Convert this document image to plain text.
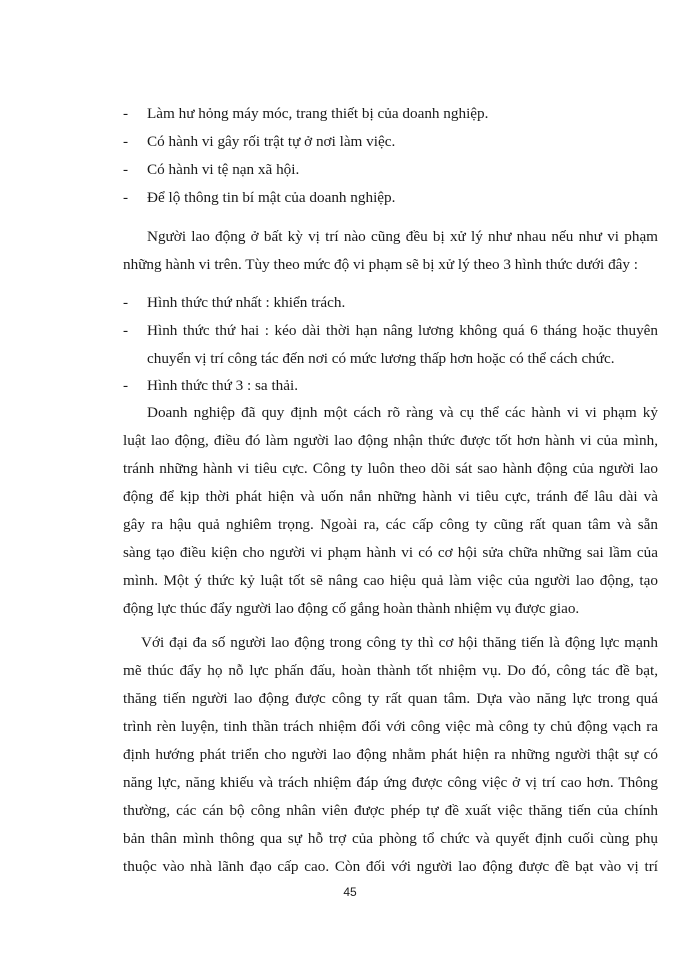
- Làm hư hỏng máy móc, trang thiết bị của doanh nghiệp.
- Có hành vi gây rối trật tự ở nơi làm việc.
- Có hành vi tệ nạn xã hội.
- Để lộ thông tin bí mật của doanh nghiệp.
Người lao động ở bất kỳ vị trí nào cũng đều bị xử lý như nhau nếu như vi phạm
những hành vi trên. Tùy theo mức độ vi phạm sẽ bị xử lý theo 3 hình thức dưới đây :
- Hình thức thứ nhất : khiển trách.
- Hình thức thứ hai : kéo dài thời hạn nâng lương không quá 6 tháng hoặc thuyên
chuyển vị trí công tác đến nơi có mức lương thấp hơn hoặc có thể cách chức.
- Hình thức thứ 3 : sa thải.
Doanh nghiệp đã quy định một cách rõ ràng và cụ thể các hành vi vi phạm kỷ
luật lao động, điều đó làm người lao động nhận thức được tốt hơn hành vi của mình,
tránh những hành vi tiêu cực. Công ty luôn theo dõi sát sao hành động của người lao
động để kịp thời phát hiện và uốn nắn những hành vi tiêu cực, tránh để lâu dài và
gây ra hậu quả nghiêm trọng. Ngoài ra, các cấp công ty cũng rất quan tâm và sẵn
sàng tạo điều kiện cho người vi phạm hành vi có cơ hội sửa chữa những sai lầm của
mình. Một ý thức kỷ luật tốt sẽ nâng cao hiệu quả làm việc của người lao động, tạo
động lực thúc đẩy người lao động cố gắng hoàn thành nhiệm vụ được giao.
Với đại đa số người lao động trong công ty thì cơ hội thăng tiến là động lực mạnh
mẽ thúc đẩy họ nỗ lực phấn đấu, hoàn thành tốt nhiệm vụ. Do đó, công tác đề bạt,
thăng tiến người lao động được công ty rất quan tâm. Dựa vào năng lực trong quá
trình rèn luyện, tinh thần trách nhiệm đối với công việc mà công ty chủ động vạch ra
định hướng phát triển cho người lao động nhằm phát hiện ra những người thật sự có
năng lực, năng khiếu và trách nhiệm đáp ứng được công việc ở vị trí cao hơn. Thông
thường, các cán bộ công nhân viên được phép tự đề xuất việc thăng tiến của chính
bản thân mình thông qua sự hỗ trợ của phòng tổ chức và quyết định cuối cùng phụ
thuộc vào nhà lãnh đạo cấp cao. Còn đối với người lao động được đề bạt vào vị trí
45
